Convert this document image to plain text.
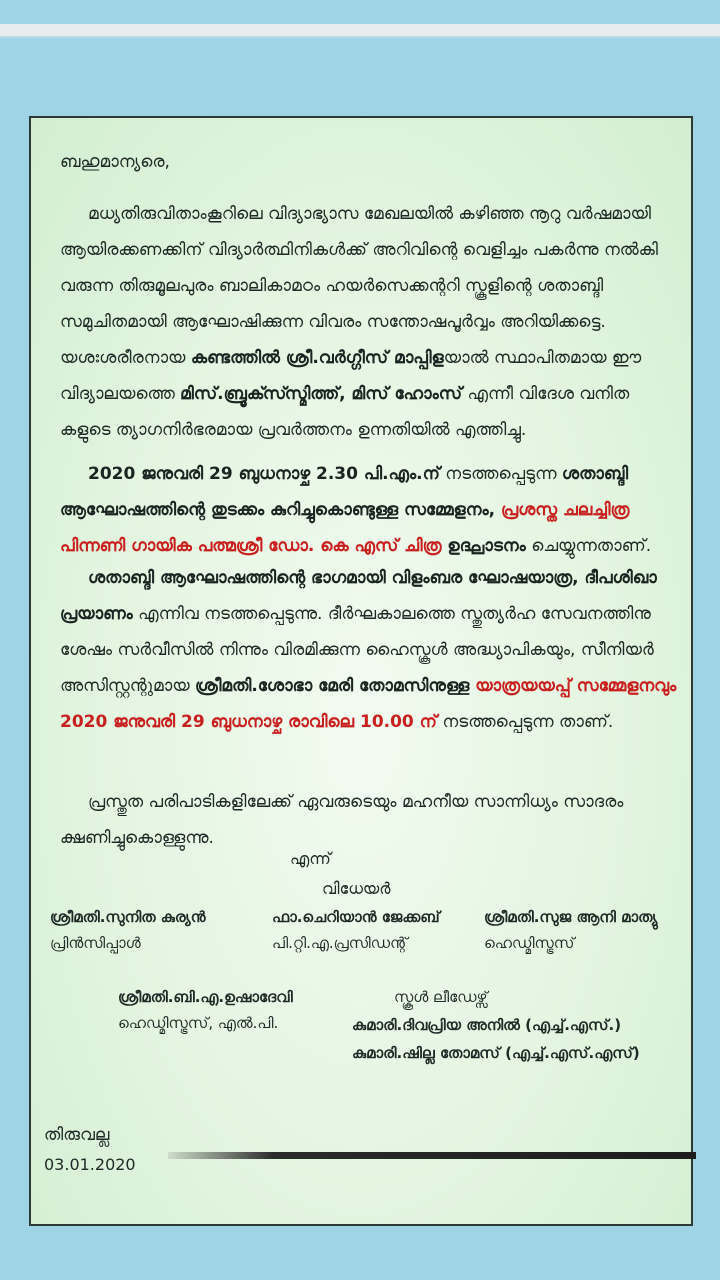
ബഹുമാന്യരെ,

മധ്യതിരുവിതാംകൂറിലെ വിദ്യാഭ്യാസ മേഖലയിൽ കഴിഞ്ഞ നൂറു വർഷമായി ആയിരക്കണക്കിന് വിദ്യാർത്ഥിനികൾക്ക് അറിവിന്റെ വെളിച്ചം പകർന്നു നൽകി വരുന്ന തിരുമൂലപുരം ബാലികാമഠം ഹയർസെക്കന്ററി സ്കൂളിന്റെ ശതാബ്ദി സമുചിതമായി ആഘോഷിക്കുന്ന വിവരം സന്തോഷപൂർവ്വം അറിയിക്കട്ടെ.

യശഃശരീരനായ കണ്ടത്തിൽ ശ്രീ.വർഗ്ഗീസ് മാപ്പിളയാൽ സ്ഥാപിതമായ ഈ വിദ്യാലയത്തെ മിസ്.ബ്രൂക്സ്സ്മിത്ത്, മിസ് ഹോംസ് എന്നീ വിദേശ വനിത കളുടെ ത്യാഗനിർഭരമായ പ്രവർത്തനം ഉന്നതിയിൽ എത്തിച്ചു.

2020 ജനുവരി 29 ബുധനാഴ്ച 2.30 പി.എം.ന് നടത്തപ്പെടുന്ന ശതാബ്ദി ആഘോഷത്തിന്റെ തുടക്കം കുറിച്ചുകൊണ്ടുള്ള സമ്മേളനം, പ്രശസ്ത ചലച്ചിത്ര പിന്നണി ഗായിക പത്മശ്രീ ഡോ. കെ എസ് ചിത്ര ഉദ്ഘാടനം ചെയ്യുന്നതാണ്.

ശതാബ്ദി ആഘോഷത്തിന്റെ ഭാഗമായി വിളംബര ഘോഷയാത്ര, ദീപശിഖാ പ്രയാണം എന്നിവ നടത്തപ്പെടുന്നു. ദീർഘകാലത്തെ സ്തുത്യർഹ സേവനത്തിനു ശേഷം സർവീസിൽ നിന്നും വിരമിക്കുന്ന ഹൈസ്കൂൾ അദ്ധ്യാപികയും, സീനിയർ അസിസ്റ്റന്റുമായ ശ്രീമതി.ശോഭാ മേരി തോമസിനുള്ള യാത്രയയപ്പ് സമ്മേളനവും 2020 ജനുവരി 29 ബുധനാഴ്ച രാവിലെ 10.00 ന് നടത്തപ്പെടുന്ന താണ്.

പ്രസ്തുത പരിപാടികളിലേക്ക് ഏവരുടെയും മഹനീയ സാന്നിധ്യം സാദരം ക്ഷണിച്ചുകൊള്ളുന്നു.

എന്ന്
വിധേയർ
ശ്രീമതി.സുനിത കുര്യൻ
പ്രിൻസിപ്പാൾ
ഫാ.ചെറിയാൻ ജേക്കബ്
പി.റ്റി.എ.പ്രസിഡന്റ്
ശ്രീമതി.സുജ ആനി മാത്യു
ഹെഡ്മിസ്ട്രസ്
ശ്രീമതി.ബി.എ.ഉഷാദേവി
ഹെഡ്മിസ്ട്രസ്, എൽ.പി.
സ്കൂൾ ലീഡേഴ്സ്
കുമാരി.ദിവപ്രിയ അനിൽ (എച്ച്.എസ്.)
കുമാരി.ഷില്ല തോമസ് (എച്ച്.എസ്.എസ്)
തിരുവല്ല
03.01.2020
